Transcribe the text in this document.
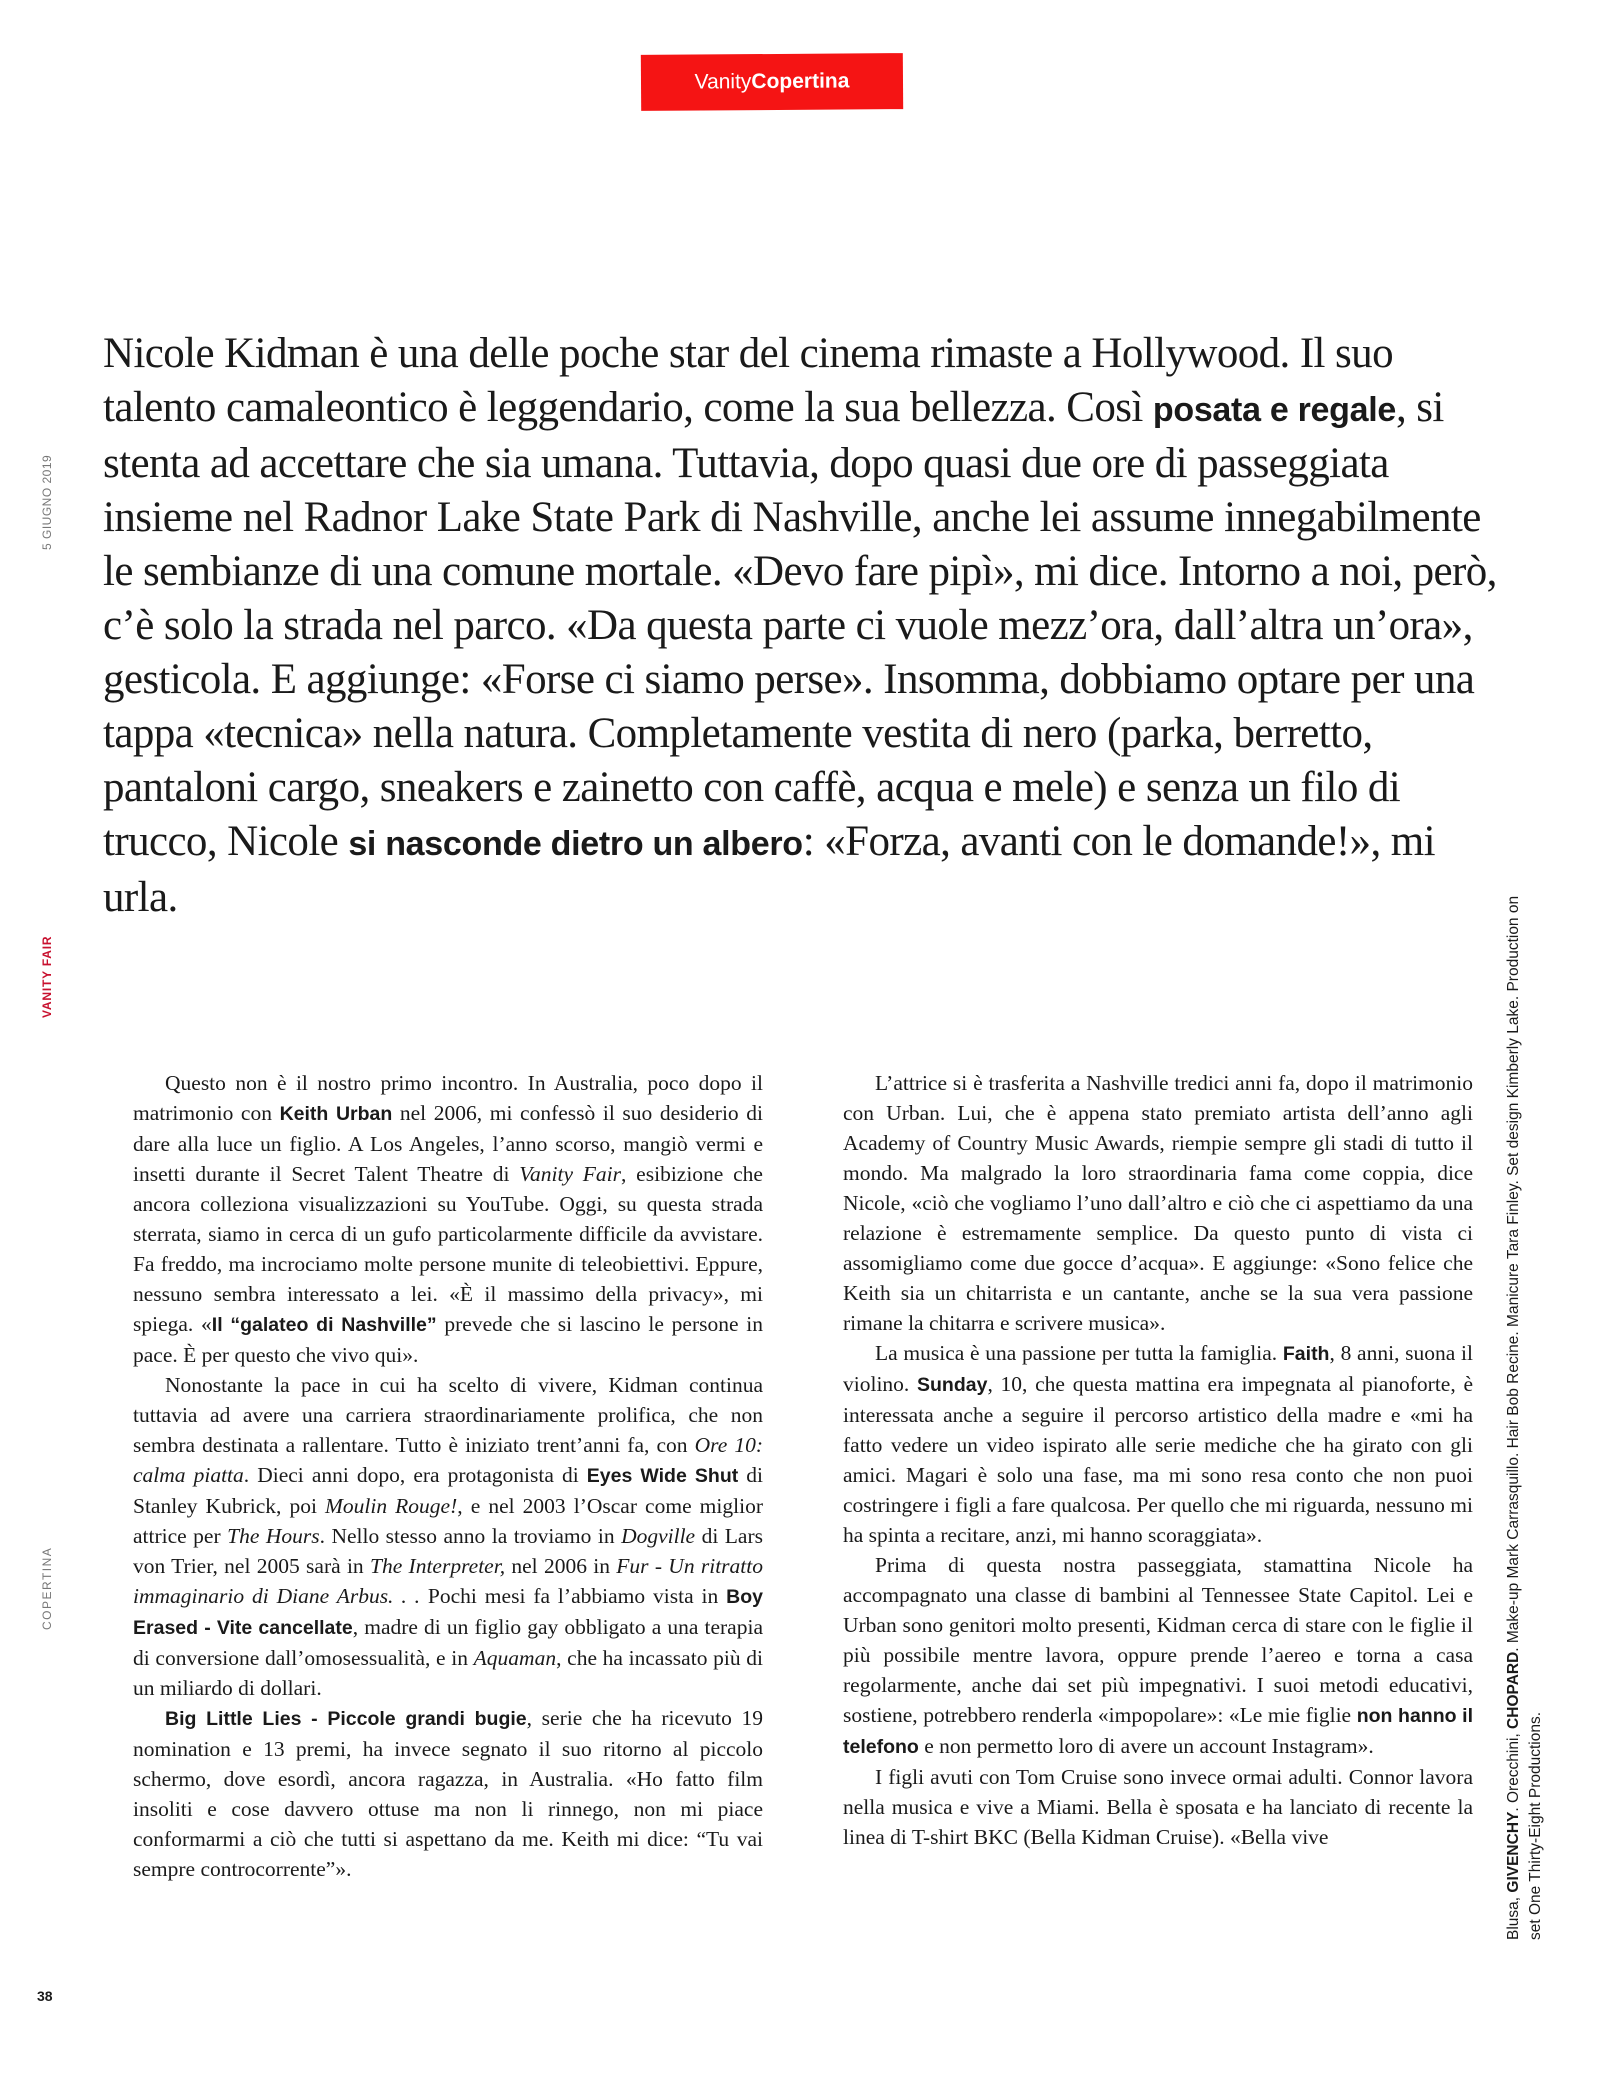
Vanity Copertina
5 GIUGNO 2019
VANITY FAIR
COPERTINA
Nicole Kidman è una delle poche star del cinema rimaste a Hollywood. Il suo talento camaleontico è leggendario, come la sua bellezza. Così posata e regale, si stenta ad accettare che sia umana. Tuttavia, dopo quasi due ore di passeggiata insieme nel Radnor Lake State Park di Nashville, anche lei assume innegabilmente le sembianze di una comune mortale. «Devo fare pipì», mi dice. Intorno a noi, però, c’è solo la strada nel parco. «Da questa parte ci vuole mezz’ora, dall’altra un’ora», gesticola. E aggiunge: «Forse ci siamo perse». Insomma, dobbiamo optare per una tappa «tecnica» nella natura. Completamente vestita di nero (parka, berretto, pantaloni cargo, sneakers e zainetto con caffè, acqua e mele) e senza un filo di trucco, Nicole si nasconde dietro un albero: «Forza, avanti con le domande!», mi urla.

Questo non è il nostro primo incontro. In Australia, poco dopo il matrimonio con Keith Urban nel 2006, mi confessò il suo desiderio di dare alla luce un figlio. A Los Angeles, l’anno scorso, mangiò vermi e insetti durante il Secret Talent Theatre di Vanity Fair, esibizione che ancora colleziona visualizzazioni su YouTube. Oggi, su questa strada sterrata, siamo in cerca di un gufo particolarmente difficile da avvistare. Fa freddo, ma incrociamo molte persone munite di teleobiettivi. Eppure, nessuno sembra interessato a lei. «È il massimo della privacy», mi spiega. «Il “galateo di Nashville” prevede che si lascino le persone in pace. È per questo che vivo qui».

Nonostante la pace in cui ha scelto di vivere, Kidman continua tuttavia ad avere una carriera straordinariamente prolifica, che non sembra destinata a rallentare. Tutto è iniziato trent’anni fa, con Ore 10: calma piatta. Dieci anni dopo, era protagonista di Eyes Wide Shut di Stanley Kubrick, poi Moulin Rouge!, e nel 2003 l’Oscar come miglior attrice per The Hours. Nello stesso anno la troviamo in Dogville di Lars von Trier, nel 2005 sarà in The Interpreter, nel 2006 in Fur - Un ritratto immaginario di Diane Arbus. . . Pochi mesi fa l’abbiamo vista in Boy Erased - Vite cancellate, madre di un figlio gay obbligato a una terapia di conversione dall’omosessualità, e in Aquaman, che ha incassato più di un miliardo di dollari.

Big Little Lies - Piccole grandi bugie, serie che ha ricevuto 19 nomination e 13 premi, ha invece segnato il suo ritorno al piccolo schermo, dove esordì, ancora ragazza, in Australia. «Ho fatto film insoliti e cose davvero ottuse ma non li rinnego, non mi piace conformarmi a ciò che tutti si aspettano da me. Keith mi dice: “Tu vai sempre controcorrente”».

L’attrice si è trasferita a Nashville tredici anni fa, dopo il matrimonio con Urban. Lui, che è appena stato premiato artista dell’anno agli Academy of Country Music Awards, riempie sempre gli stadi di tutto il mondo. Ma malgrado la loro straordinaria fama come coppia, dice Nicole, «ciò che vogliamo l’uno dall’altro e ciò che ci aspettiamo da una relazione è estremamente semplice. Da questo punto di vista ci assomigliamo come due gocce d’acqua». E aggiunge: «Sono felice che Keith sia un chitarrista e un cantante, anche se la sua vera passione rimane la chitarra e scrivere musica».

La musica è una passione per tutta la famiglia. Faith, 8 anni, suona il violino. Sunday, 10, che questa mattina era impegnata al pianoforte, è interessata anche a seguire il percorso artistico della madre e «mi ha fatto vedere un video ispirato alle serie mediche che ha girato con gli amici. Magari è solo una fase, ma mi sono resa conto che non puoi costringere i figli a fare qualcosa. Per quello che mi riguarda, nessuno mi ha spinta a recitare, anzi, mi hanno scoraggiata».

Prima di questa nostra passeggiata, stamattina Nicole ha accompagnato una classe di bambini al Tennessee State Capitol. Lei e Urban sono genitori molto presenti, Kidman cerca di stare con le figlie il più possibile mentre lavora, oppure prende l’aereo e torna a casa regolarmente, anche dai set più impegnativi. I suoi metodi educativi, sostiene, potrebbero renderla «impopolare»: «Le mie figlie non hanno il telefono e non permetto loro di avere un account Instagram».

I figli avuti con Tom Cruise sono invece ormai adulti. Connor lavora nella musica e vive a Miami. Bella è sposata e ha lanciato di recente la linea di T-shirt BKC (Bella Kidman Cruise). «Bella vive

Blusa, GIVENCHY. Orecchini, CHOPARD. Make-up Mark Carrasquillo. Hair Bob Recine. Manicure Tara Finley. Set design Kimberly Lake. Production on set One Thirty-Eight Productions.
38
